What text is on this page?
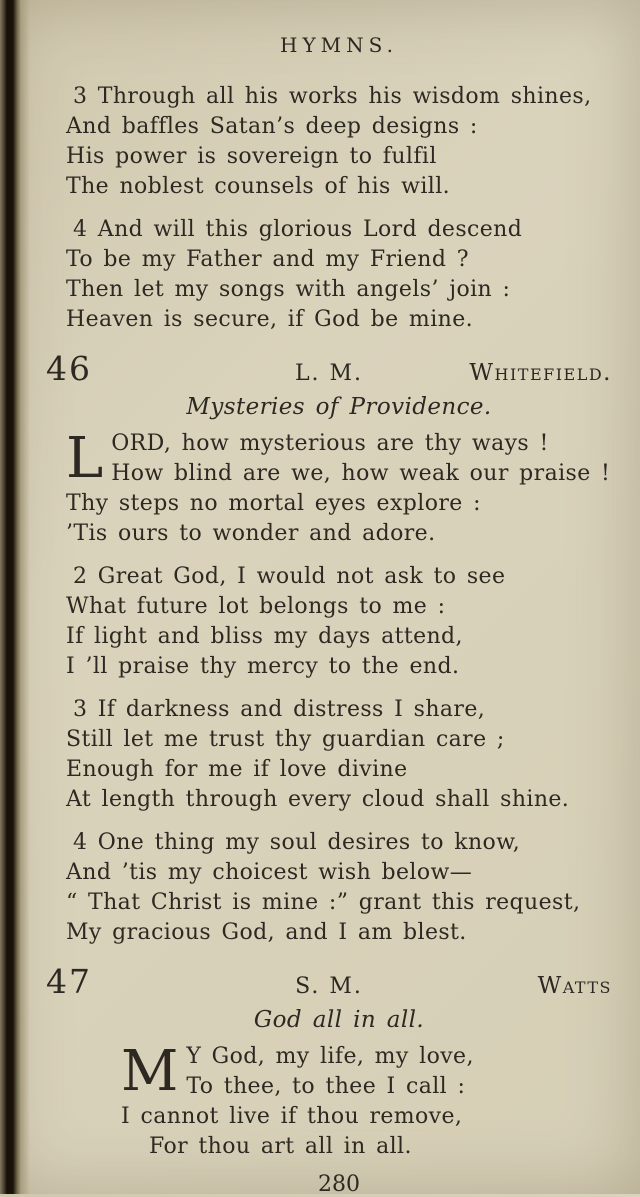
HYMNS.
3 Through all his works his wisdom shines,
And baffles Satan’s deep designs :
His power is sovereign to fulfil
The noblest counsels of his will.
4 And will this glorious Lord descend
To be my Father and my Friend ?
Then let my songs with angels’ join :
Heaven is secure, if God be mine.
46	L. M.	Whitefield.
Mysteries of Providence.
L ORD, how mysterious are thy ways !
How blind are we, how weak our praise !
Thy steps no mortal eyes explore :
’Tis ours to wonder and adore.
2 Great God, I would not ask to see
What future lot belongs to me :
If light and bliss my days attend,
I ’ll praise thy mercy to the end.
3 If darkness and distress I share,
Still let me trust thy guardian care ;
Enough for me if love divine
At length through every cloud shall shine.
4 One thing my soul desires to know,
And ’tis my choicest wish below—
“ That Christ is mine :” grant this request,
My gracious God, and I am blest.
47	S. M.	Watts
God all in all.
M Y God, my life, my love,
To thee, to thee I call :
I cannot live if thou remove,
For thou art all in all.
280
